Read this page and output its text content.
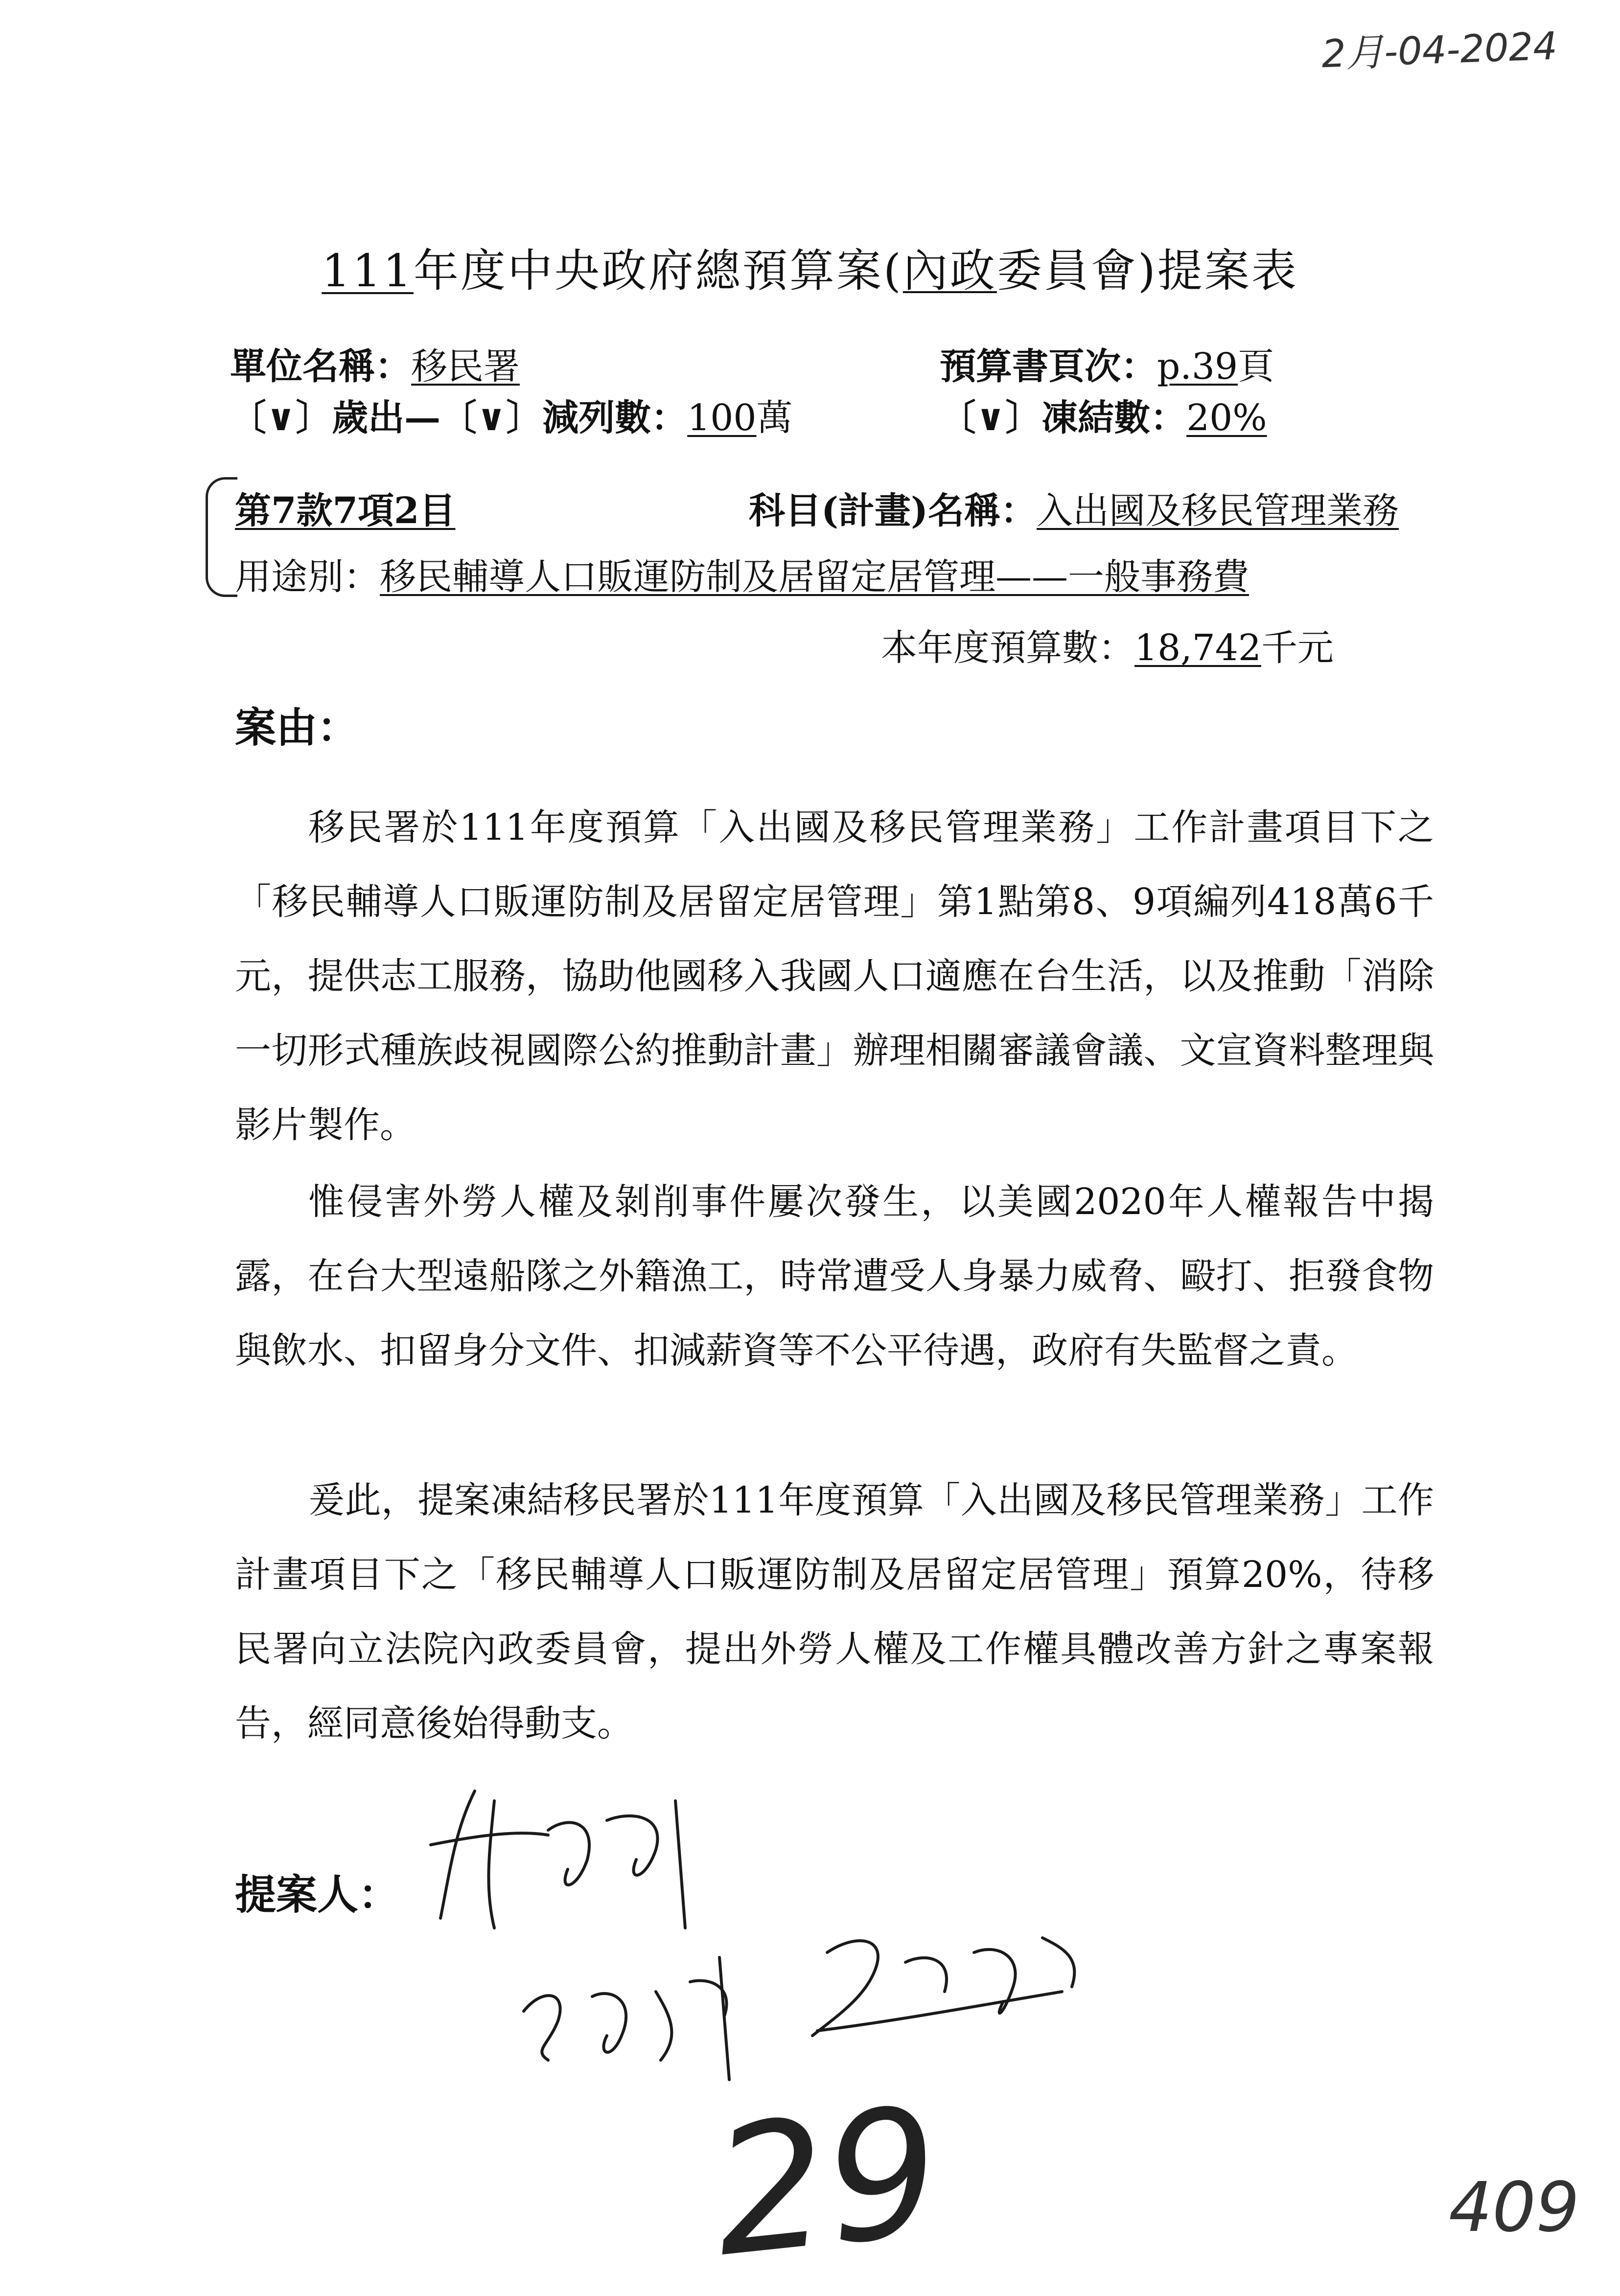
2月-04-2024
111年度中央政府總預算案(內政委員會)提案表
單位名稱：移民署	預算書頁次：p.39頁
〔∨〕歲出—〔∨〕減列數：100萬	〔∨〕凍結數：20%
第7款7項2目	科目(計畫)名稱：入出國及移民管理業務
用途別：移民輔導人口販運防制及居留定居管理——一般事務費
本年度預算數：18,742千元
案由：

移民署於111年度預算「入出國及移民管理業務」工作計畫項目下之「移民輔導人口販運防制及居留定居管理」第1點第8、9項編列418萬6千元，提供志工服務，協助他國移入我國人口適應在台生活，以及推動「消除一切形式種族歧視國際公約推動計畫」辦理相關審議會議、文宣資料整理與影片製作。

惟侵害外勞人權及剝削事件屢次發生，以美國2020年人權報告中揭露，在台大型遠船隊之外籍漁工，時常遭受人身暴力威脅、毆打、拒發食物與飲水、扣留身分文件、扣減薪資等不公平待遇，政府有失監督之責。

爰此，提案凍結移民署於111年度預算「入出國及移民管理業務」工作計畫項目下之「移民輔導人口販運防制及居留定居管理」預算20%，待移民署向立法院內政委員會，提出外勞人權及工作權具體改善方針之專案報告，經同意後始得動支。

提案人：
29	409
